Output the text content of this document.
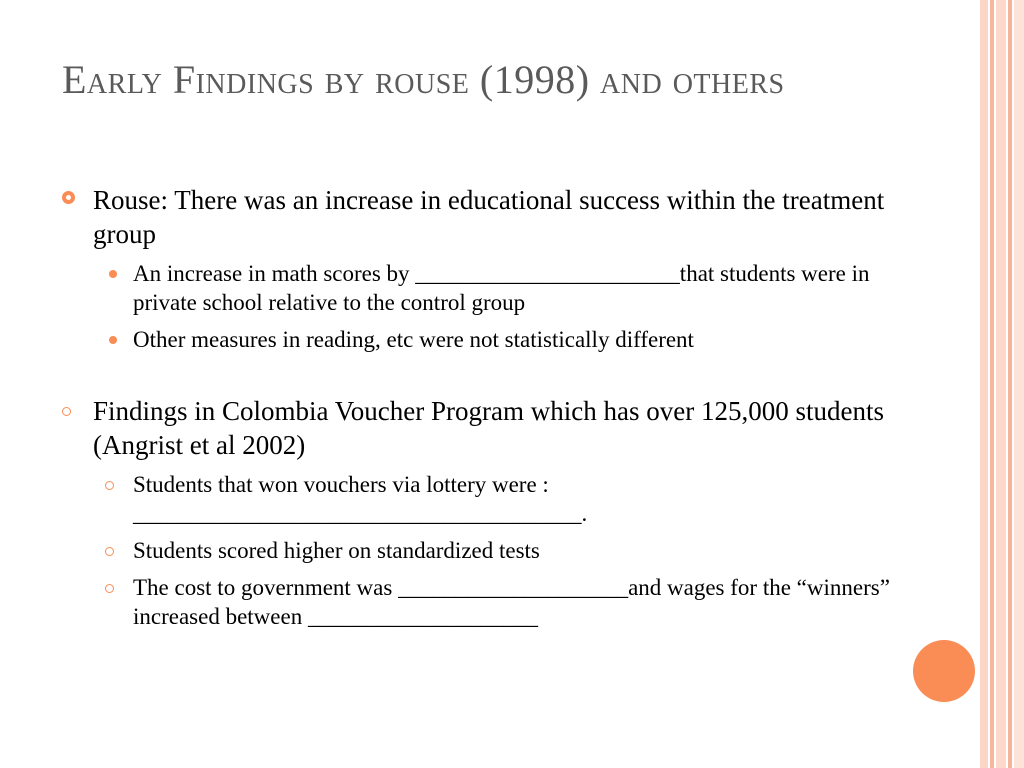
Early Findings by rouse (1998) and others
Rouse: There was an increase in educational success within the treatment group
An increase in math scores by _______________________that students were in private school relative to the control group
Other measures in reading, etc were not statistically different
Findings in Colombia Voucher Program which has over 125,000 students (Angrist et al 2002)
Students that won vouchers via lottery were : _______________________________________.
Students scored higher on standardized tests
The cost to government was ____________________and wages for the “winners” increased between ____________________
